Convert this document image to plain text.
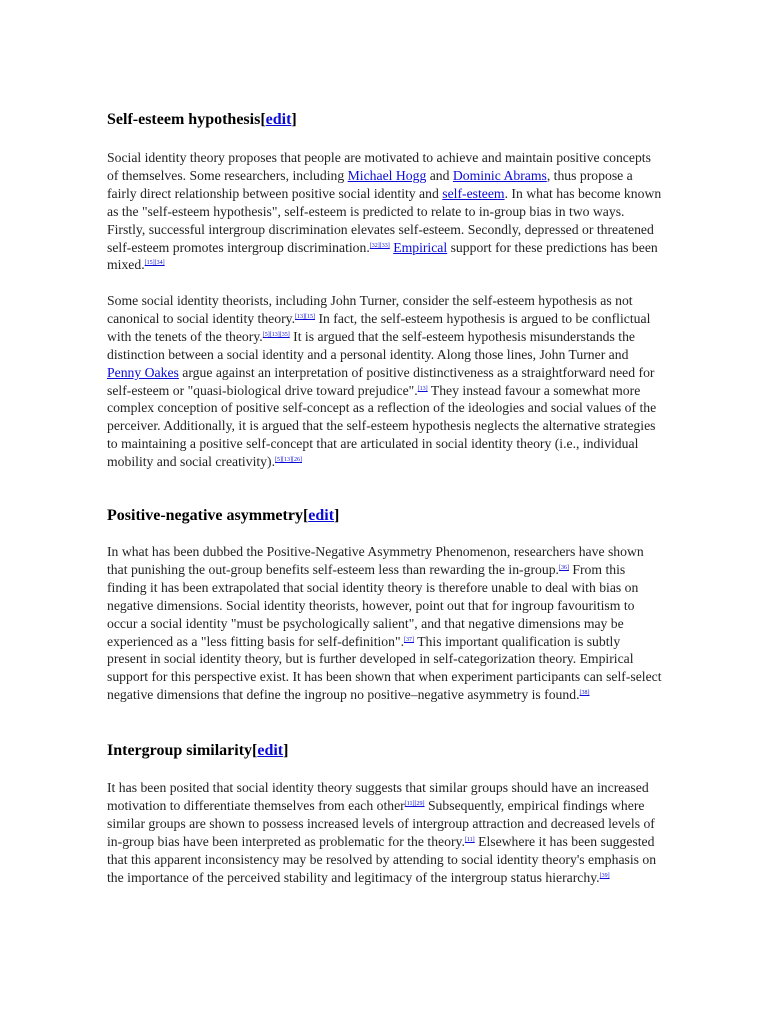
Self-esteem hypothesis[edit]

Social identity theory proposes that people are motivated to achieve and maintain positive concepts of themselves. Some researchers, including Michael Hogg and Dominic Abrams, thus propose a fairly direct relationship between positive social identity and self-esteem. In what has become known as the "self-esteem hypothesis", self-esteem is predicted to relate to in-group bias in two ways. Firstly, successful intergroup discrimination elevates self-esteem. Secondly, depressed or threatened self-esteem promotes intergroup discrimination.[32][33] Empirical support for these predictions has been mixed.[15][34]

Some social identity theorists, including John Turner, consider the self-esteem hypothesis as not canonical to social identity theory.[13][15] In fact, the self-esteem hypothesis is argued to be conflictual with the tenets of the theory.[5][13][35] It is argued that the self-esteem hypothesis misunderstands the distinction between a social identity and a personal identity. Along those lines, John Turner and Penny Oakes argue against an interpretation of positive distinctiveness as a straightforward need for self-esteem or "quasi-biological drive toward prejudice".[13] They instead favour a somewhat more complex conception of positive self-concept as a reflection of the ideologies and social values of the perceiver. Additionally, it is argued that the self-esteem hypothesis neglects the alternative strategies to maintaining a positive self-concept that are articulated in social identity theory (i.e., individual mobility and social creativity).[5][13][26]

Positive-negative asymmetry[edit]

In what has been dubbed the Positive-Negative Asymmetry Phenomenon, researchers have shown that punishing the out-group benefits self-esteem less than rewarding the in-group.[36] From this finding it has been extrapolated that social identity theory is therefore unable to deal with bias on negative dimensions. Social identity theorists, however, point out that for ingroup favouritism to occur a social identity "must be psychologically salient", and that negative dimensions may be experienced as a "less fitting basis for self-definition".[37] This important qualification is subtly present in social identity theory, but is further developed in self-categorization theory. Empirical support for this perspective exist. It has been shown that when experiment participants can self-select negative dimensions that define the ingroup no positive–negative asymmetry is found.[38]

Intergroup similarity[edit]

It has been posited that social identity theory suggests that similar groups should have an increased motivation to differentiate themselves from each other[11][29] Subsequently, empirical findings where similar groups are shown to possess increased levels of intergroup attraction and decreased levels of in-group bias have been interpreted as problematic for the theory.[11] Elsewhere it has been suggested that this apparent inconsistency may be resolved by attending to social identity theory's emphasis on the importance of the perceived stability and legitimacy of the intergroup status hierarchy.[39]
